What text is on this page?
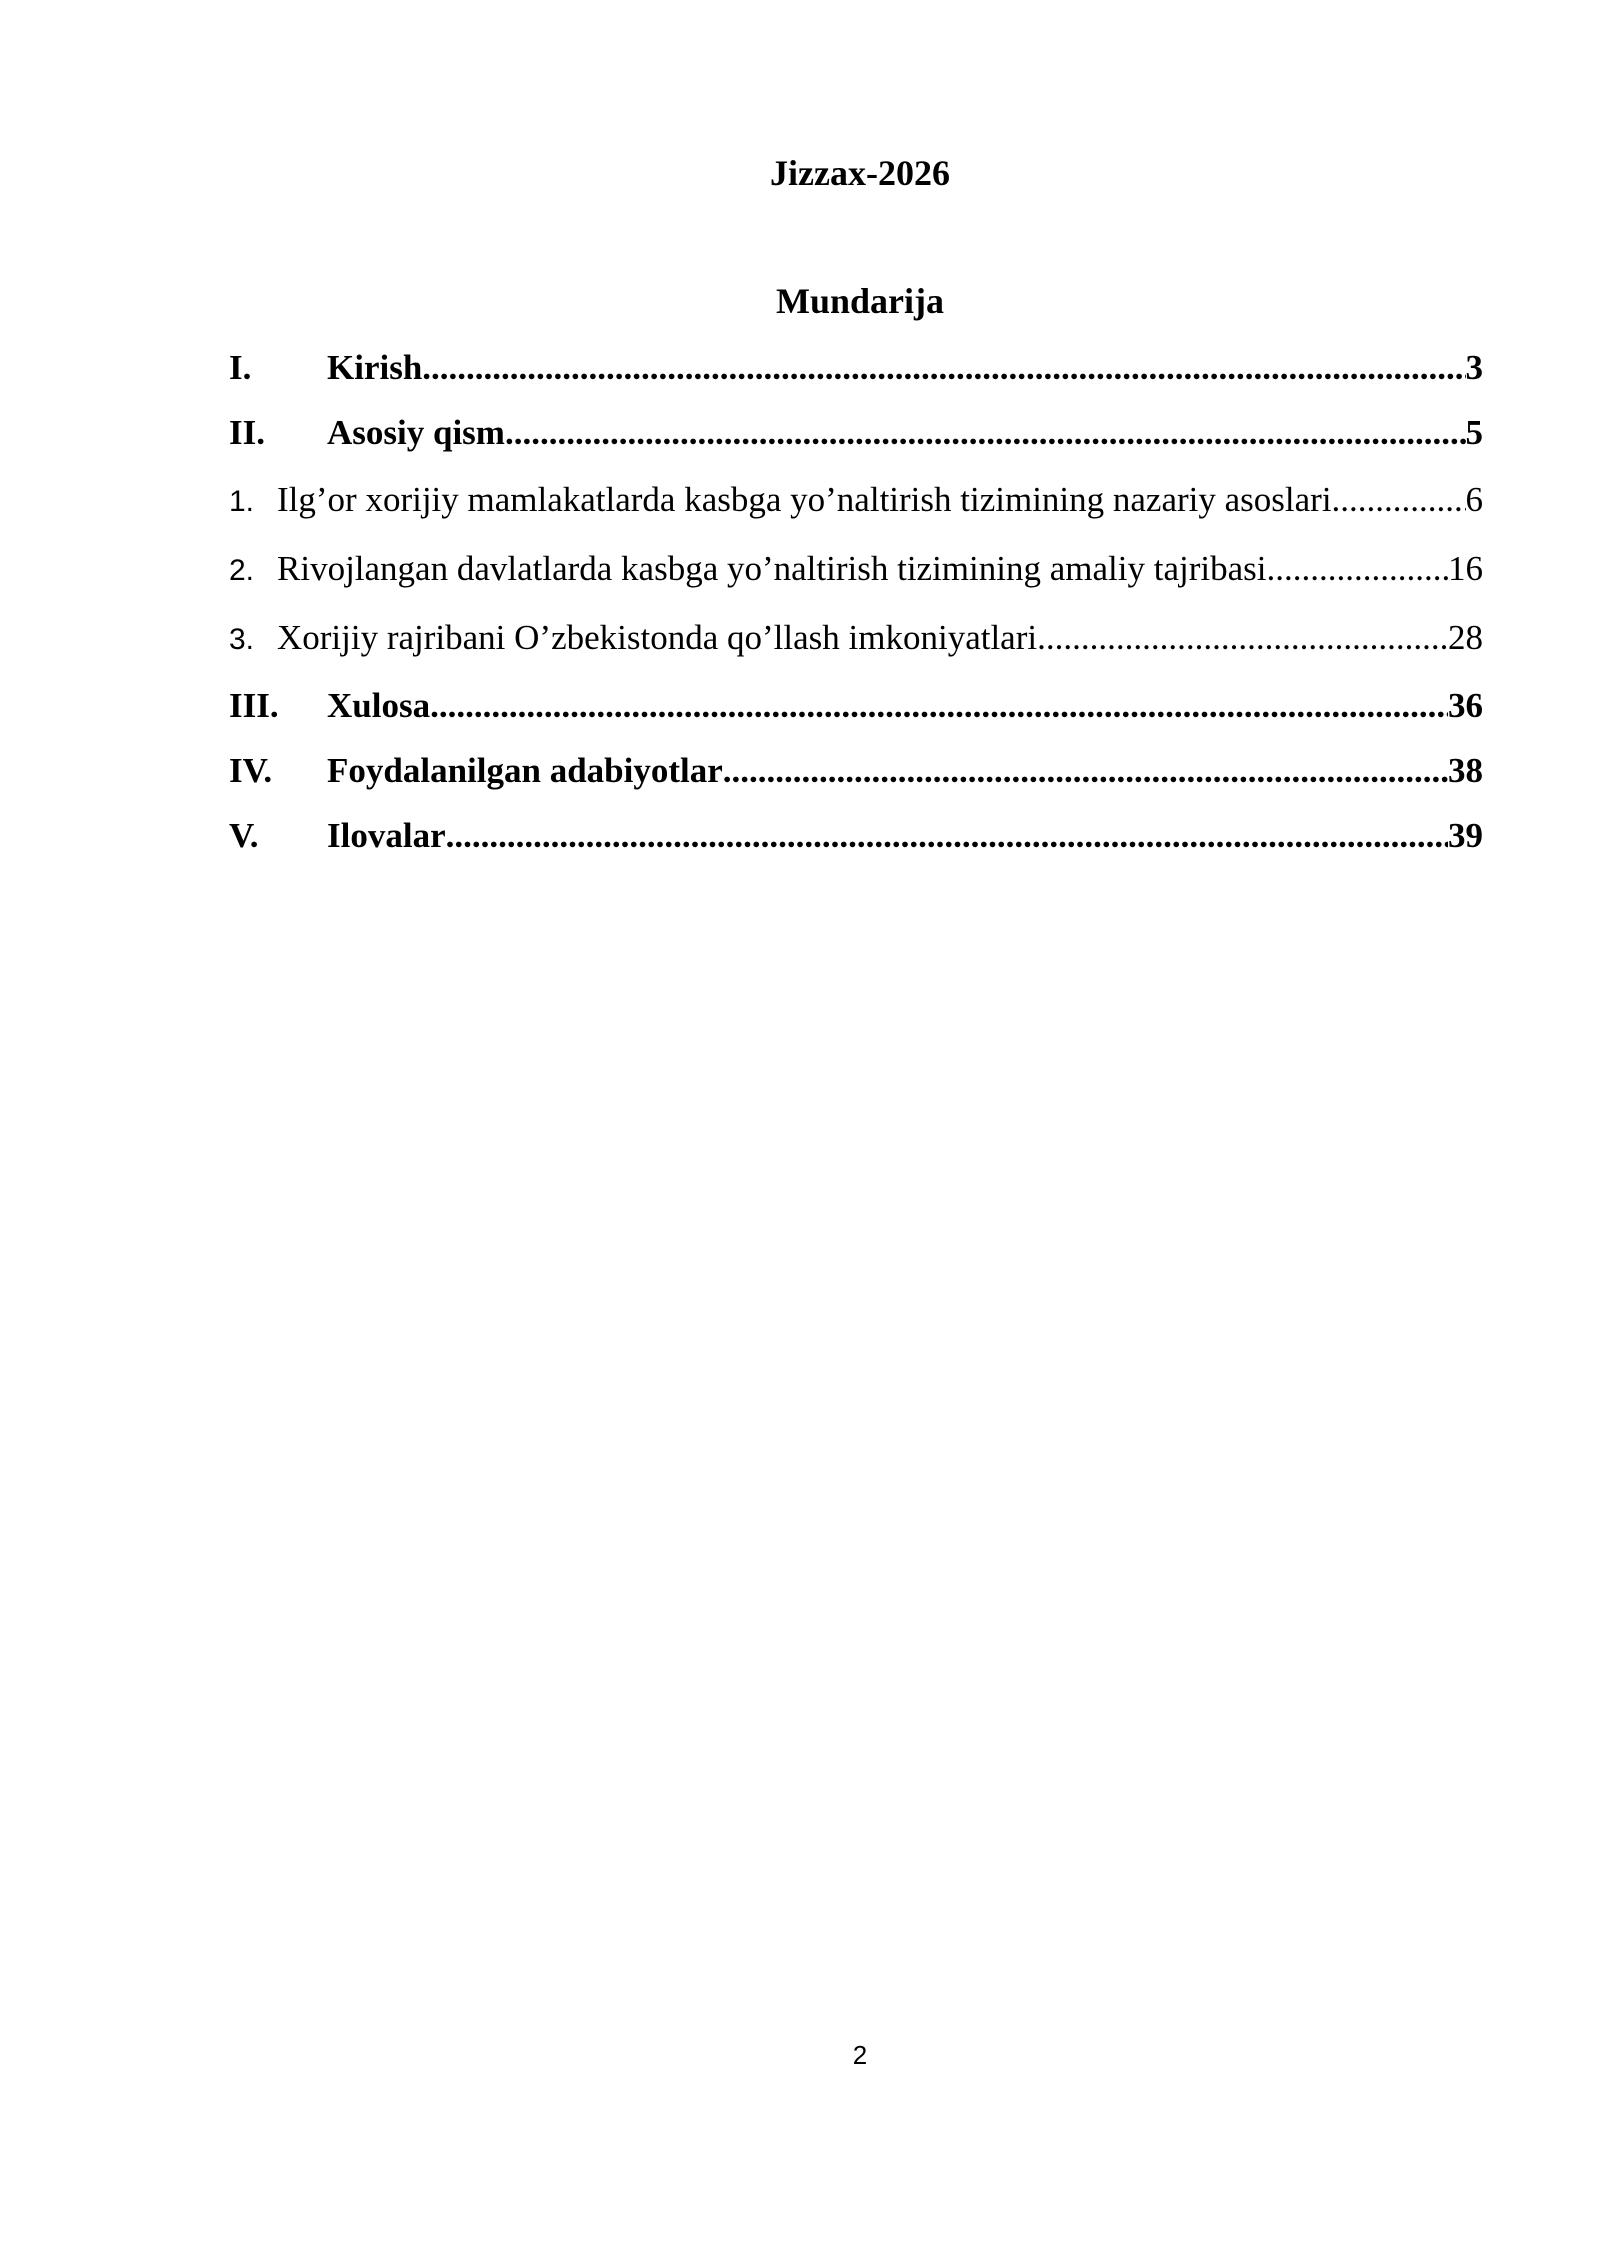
Jizzax-2026
Mundarija
I.	Kirish .....	3
II.	Asosiy qism .....	5
1. Ilg’or xorijiy mamlakatlarda kasbga yo’naltirish tizimining nazariy asoslari .....	6
2. Rivojlangan davlatlarda kasbga yo’naltirish tizimining amaliy tajribasi .....	16
3. Xorijiy rajribani O’zbekistonda qo’llash imkoniyatlari .....	28
III.	Xulosa .....	36
IV.	Foydalanilgan adabiyotlar .....	38
V.	Ilovalar .....	39
2
